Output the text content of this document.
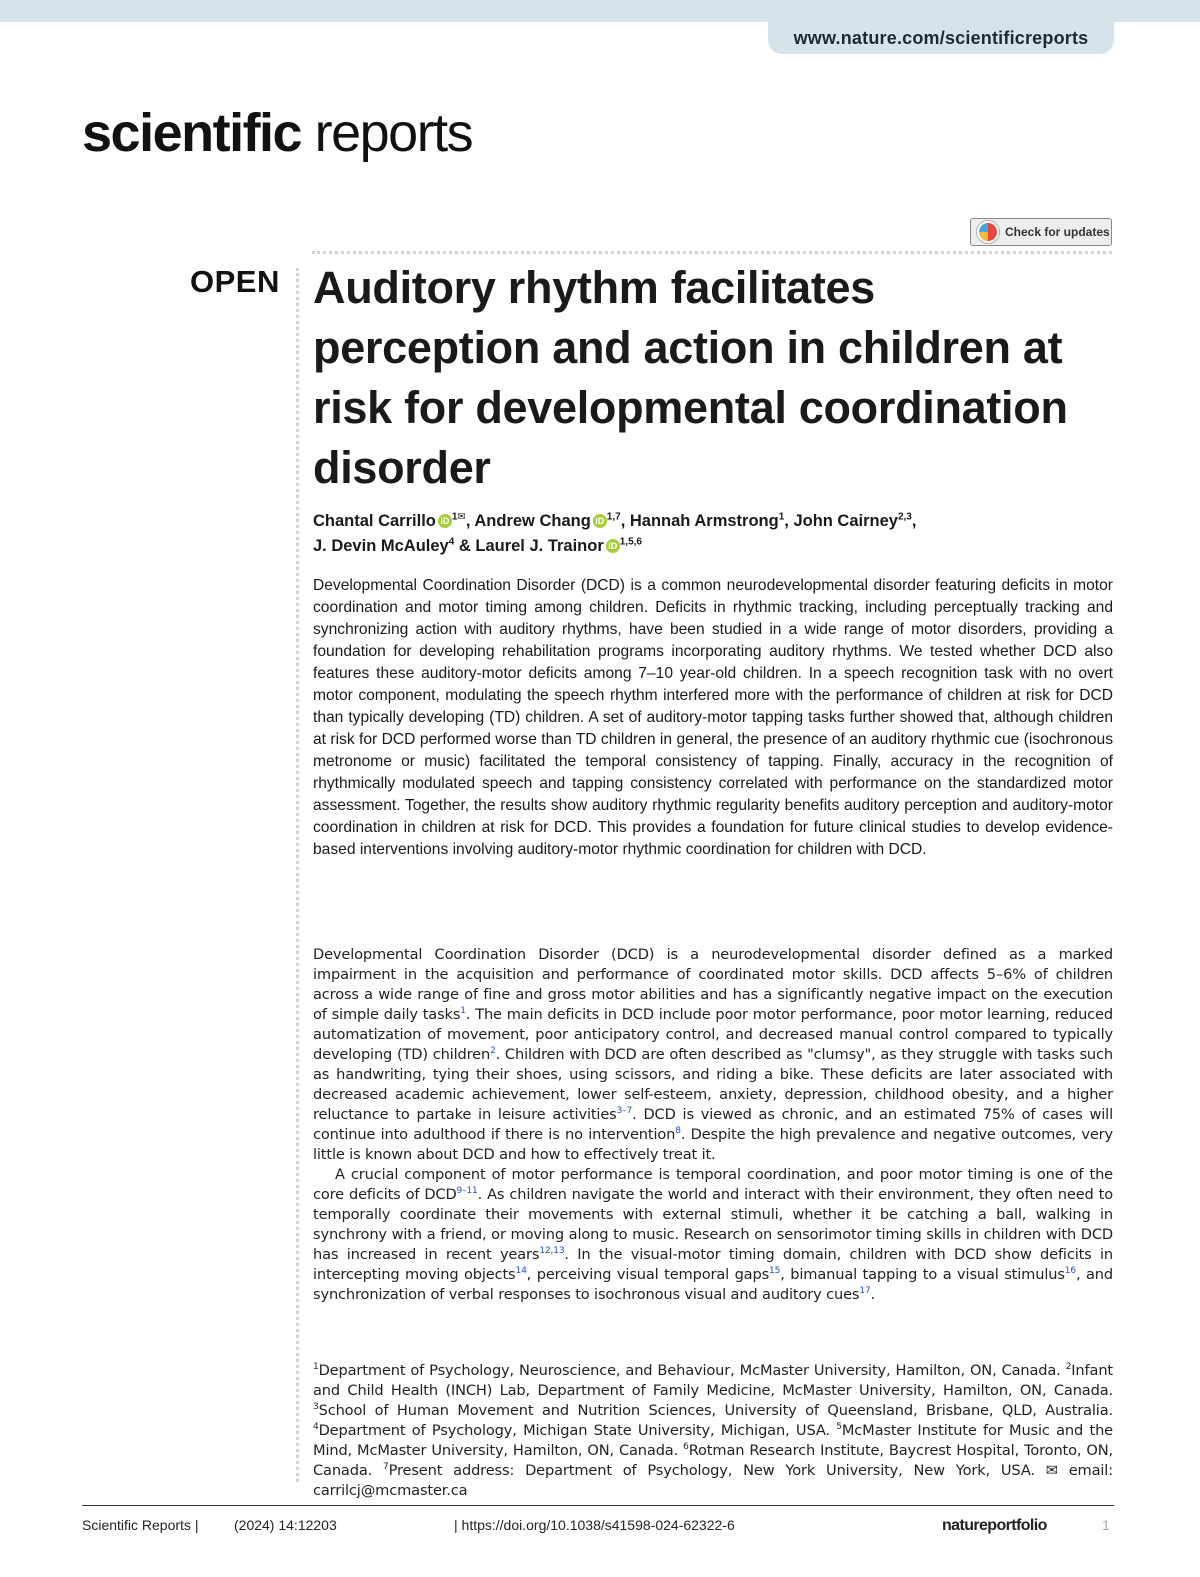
www.nature.com/scientificreports
scientific reports
Check for updates
OPEN Auditory rhythm facilitates perception and action in children at risk for developmental coordination disorder
Chantal Carrillo iD $^{1✉}$, Andrew Chang iD $^{1,7}$, Hannah Armstrong$^1$, John Cairney$^{2,3}$,
J. Devin McAuley$^4$ & Laurel J. Trainor iD $^{1,5,6}$

Developmental Coordination Disorder (DCD) is a common neurodevelopmental disorder featuring deficits in motor coordination and motor timing among children. Deficits in rhythmic tracking, including perceptually tracking and synchronizing action with auditory rhythms, have been studied in a wide range of motor disorders, providing a foundation for developing rehabilitation programs incorporating auditory rhythms. We tested whether DCD also features these auditory-motor deficits among 7–10 year-old children. In a speech recognition task with no overt motor component, modulating the speech rhythm interfered more with the performance of children at risk for DCD than typically developing (TD) children. A set of auditory-motor tapping tasks further showed that, although children at risk for DCD performed worse than TD children in general, the presence of an auditory rhythmic cue (isochronous metronome or music) facilitated the temporal consistency of tapping. Finally, accuracy in the recognition of rhythmically modulated speech and tapping consistency correlated with performance on the standardized motor assessment. Together, the results show auditory rhythmic regularity benefits auditory perception and auditory-motor coordination in children at risk for DCD. This provides a foundation for future clinical studies to develop evidence-based interventions involving auditory-motor rhythmic coordination for children with DCD.

Developmental Coordination Disorder (DCD) is a neurodevelopmental disorder defined as a marked impairment in the acquisition and performance of coordinated motor skills. DCD affects 5–6% of children across a wide range of fine and gross motor abilities and has a significantly negative impact on the execution of simple daily tasks$^1$. The main deficits in DCD include poor motor performance, poor motor learning, reduced automatization of movement, poor anticipatory control, and decreased manual control compared to typically developing (TD) children$^2$. Children with DCD are often described as "clumsy", as they struggle with tasks such as handwriting, tying their shoes, using scissors, and riding a bike. These deficits are later associated with decreased academic achievement, lower self-esteem, anxiety, depression, childhood obesity, and a higher reluctance to partake in leisure activities$^{3-7}$. DCD is viewed as chronic, and an estimated 75% of cases will continue into adulthood if there is no intervention$^8$. Despite the high prevalence and negative outcomes, very little is known about DCD and how to effectively treat it.

A crucial component of motor performance is temporal coordination, and poor motor timing is one of the core deficits of DCD$^{9-11}$. As children navigate the world and interact with their environment, they often need to temporally coordinate their movements with external stimuli, whether it be catching a ball, walking in synchrony with a friend, or moving along to music. Research on sensorimotor timing skills in children with DCD has increased in recent years$^{12,13}$. In the visual-motor timing domain, children with DCD show deficits in intercepting moving objects$^{14}$, perceiving visual temporal gaps$^{15}$, bimanual tapping to a visual stimulus$^{16}$, and synchronization of verbal responses to isochronous visual and auditory cues$^{17}$.

$^1$Department of Psychology, Neuroscience, and Behaviour, McMaster University, Hamilton, ON, Canada. $^2$Infant and Child Health (INCH) Lab, Department of Family Medicine, McMaster University, Hamilton, ON, Canada. $^3$School of Human Movement and Nutrition Sciences, University of Queensland, Brisbane, QLD, Australia. $^4$Department of Psychology, Michigan State University, Michigan, USA. $^5$McMaster Institute for Music and the Mind, McMaster University, Hamilton, ON, Canada. $^6$Rotman Research Institute, Baycrest Hospital, Toronto, ON, Canada. $^7$Present address: Department of Psychology, New York University, New York, USA. ✉ email: carrilcj@mcmaster.ca
Scientific Reports |	(2024) 14:12203	| https://doi.org/10.1038/s41598-024-62322-6	natureportfolio	1
